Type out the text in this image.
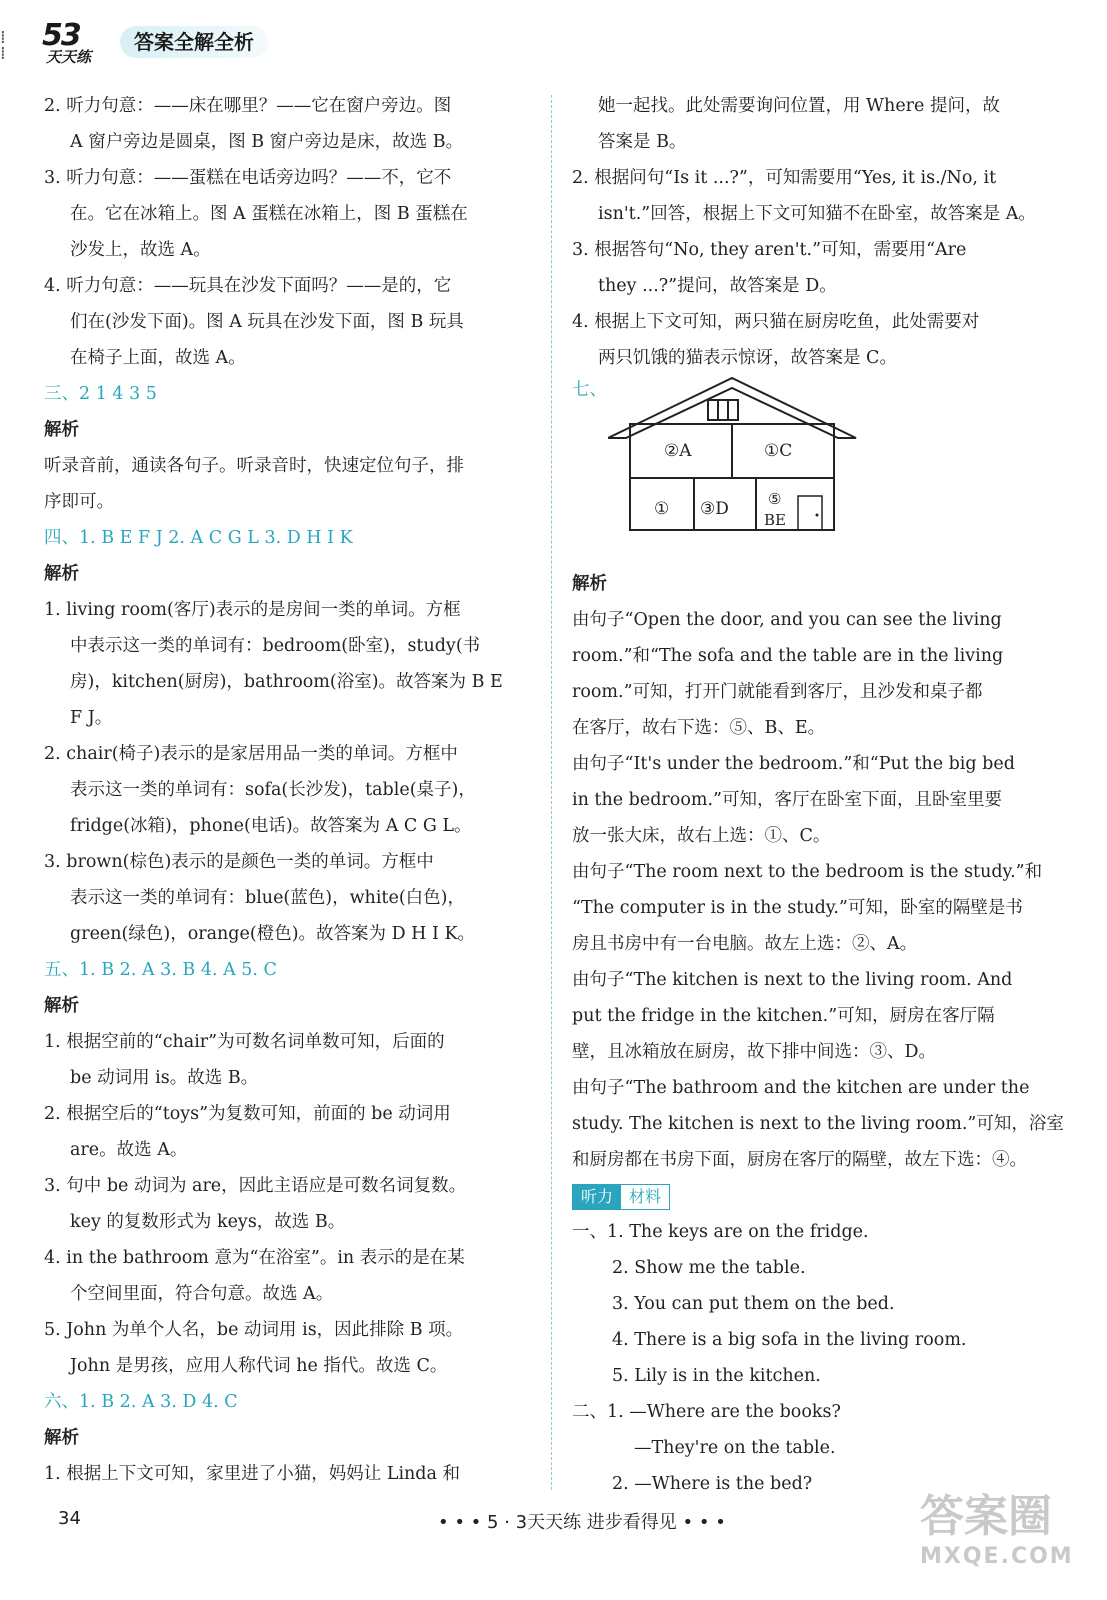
⁞
⁞
53
天天练
答案全解全析
2. 听力句意：——床在哪里？——它在窗户旁边。图
A 窗户旁边是圆桌，图 B 窗户旁边是床，故选 B。
3. 听力句意：——蛋糕在电话旁边吗？——不，它不
在。它在冰箱上。图 A 蛋糕在冰箱上，图 B 蛋糕在
沙发上，故选 A。
4. 听力句意：——玩具在沙发下面吗？——是的，它
们在(沙发下面)。图 A 玩具在沙发下面，图 B 玩具
在椅子上面，故选 A。
三、2 1 4 3 5
解析
听录音前，通读各句子。听录音时，快速定位句子，排
序即可。
四、1. B E F J 2. A C G L 3. D H I K
解析
1. living room(客厅)表示的是房间一类的单词。方框
中表示这一类的单词有：bedroom(卧室)，study(书
房)，kitchen(厨房)，bathroom(浴室)。故答案为 B E
F J。
2. chair(椅子)表示的是家居用品一类的单词。方框中
表示这一类的单词有：sofa(长沙发)，table(桌子)，
fridge(冰箱)，phone(电话)。故答案为 A C G L。
3. brown(棕色)表示的是颜色一类的单词。方框中
表示这一类的单词有：blue(蓝色)，white(白色)，
green(绿色)，orange(橙色)。故答案为 D H I K。
五、1. B 2. A 3. B 4. A 5. C
解析
1. 根据空前的“chair”为可数名词单数可知，后面的
be 动词用 is。故选 B。
2. 根据空后的“toys”为复数可知，前面的 be 动词用
are。故选 A。
3. 句中 be 动词为 are，因此主语应是可数名词复数。
key 的复数形式为 keys，故选 B。
4. in the bathroom 意为“在浴室”。in 表示的是在某
个空间里面，符合句意。故选 A。
5. John 为单个人名，be 动词用 is，因此排除 B 项。
John 是男孩，应用人称代词 he 指代。故选 C。
六、1. B 2. A 3. D 4. C
解析
1. 根据上下文可知，家里进了小猫，妈妈让 Linda 和
她一起找。此处需要询问位置，用 Where 提问，故
答案是 B。
2. 根据问句“Is it ...?”，可知需要用“Yes, it is./No, it
isn't.”回答，根据上下文可知猫不在卧室，故答案是 A。
3. 根据答句“No, they aren't.”可知，需要用“Are
they ...?”提问，故答案是 D。
4. 根据上下文可知，两只猫在厨房吃鱼，此处需要对
两只饥饿的猫表示惊讶，故答案是 C。
七、
②A	①C
① ③D	⑤
BE
解析
由句子“Open the door, and you can see the living
room.”和“The sofa and the table are in the living
room.”可知，打开门就能看到客厅，且沙发和桌子都
在客厅，故右下选：⑤、B、E。
由句子“It's under the bedroom.”和“Put the big bed
in the bedroom.”可知，客厅在卧室下面，且卧室里要
放一张大床，故右上选：①、C。
由句子“The room next to the bedroom is the study.”和
“The computer is in the study.”可知，卧室的隔壁是书
房且书房中有一台电脑。故左上选：②、A。
由句子“The kitchen is next to the living room. And
put the fridge in the kitchen.”可知，厨房在客厅隔
壁，且冰箱放在厨房，故下排中间选：③、D。
由句子“The bathroom and the kitchen are under the
study. The kitchen is next to the living room.”可知，浴室
和厨房都在书房下面，厨房在客厅的隔壁，故左下选：④。
听力 材料
一、1. The keys are on the fridge.
2. Show me the table.
3. You can put them on the bed.
4. There is a big sofa in the living room.
5. Lily is in the kitchen.
二、1. —Where are the books?
—They're on the table.
2. —Where is the bed?
34	• • • 5 · 3天天练 进步看得见 • • •	答案圈
MXQE.COM
